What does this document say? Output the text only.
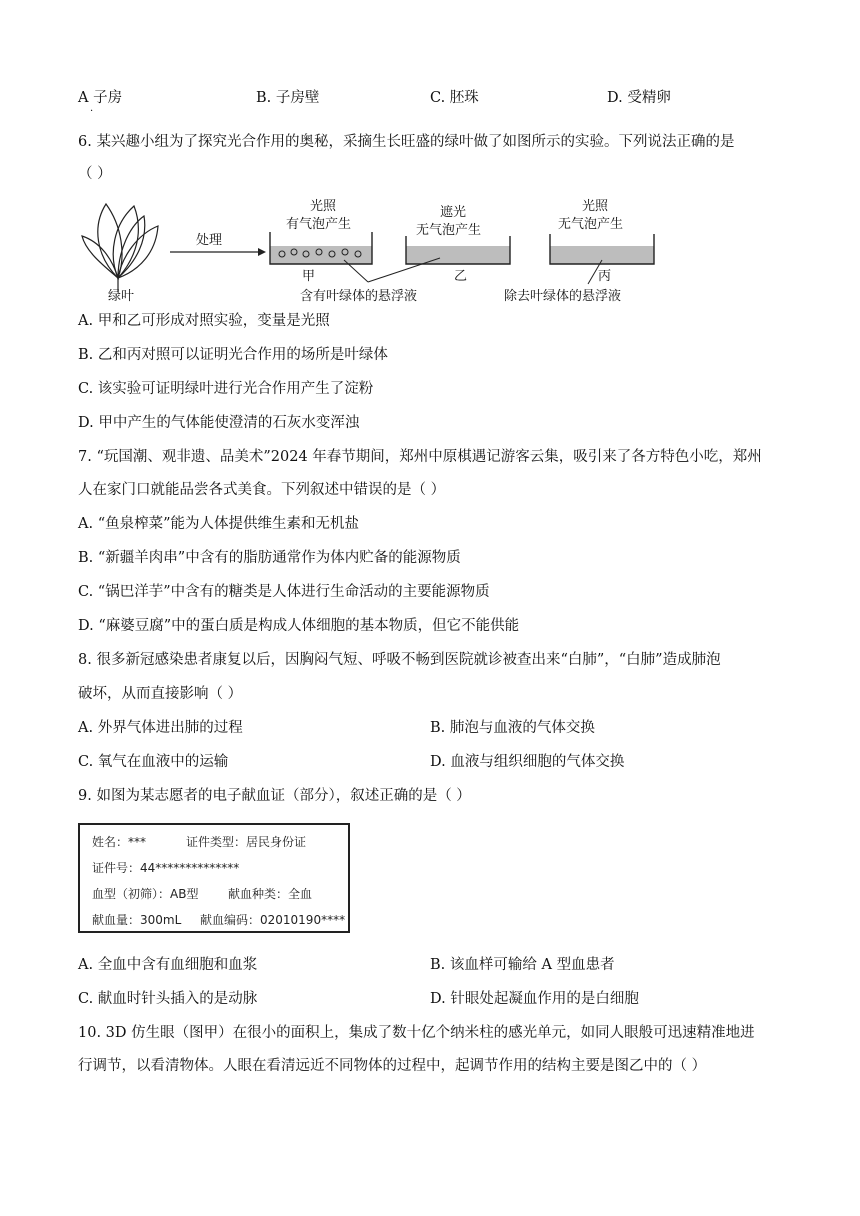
A 子房
·
B. 子房壁	C. 胚珠	D. 受精卵
6. 某兴趣小组为了探究光合作用的奥秘，采摘生长旺盛的绿叶做了如图所示的实验。下列说法正确的是
（ ）
绿叶
处理
光照
有气泡产生
甲
遮光
无气泡产生
乙
光照
无气泡产生
丙
含有叶绿体的悬浮液	除去叶绿体的悬浮液
A. 甲和乙可形成对照实验，变量是光照
B. 乙和丙对照可以证明光合作用的场所是叶绿体
C. 该实验可证明绿叶进行光合作用产生了淀粉
D. 甲中产生的气体能使澄清的石灰水变浑浊
7. “玩国潮、观非遗、品美术”2024 年春节期间，郑州中原棋遇记游客云集，吸引来了各方特色小吃，郑州
人在家门口就能品尝各式美食。下列叙述中错误的是（ ）
A. “鱼泉榨菜”能为人体提供维生素和无机盐
B. “新疆羊肉串”中含有的脂肪通常作为体内贮备的能源物质
C. “锅巴洋芋”中含有的糖类是人体进行生命活动的主要能源物质
D. “麻婆豆腐”中的蛋白质是构成人体细胞的基本物质，但它不能供能
8. 很多新冠感染患者康复以后，因胸闷气短、呼吸不畅到医院就诊被查出来“白肺”，“白肺”造成肺泡
破坏，从而直接影响（ ）
A. 外界气体进出肺的过程	B. 肺泡与血液的气体交换
C. 氧气在血液中的运输	D. 血液与组织细胞的气体交换
9. 如图为某志愿者的电子献血证（部分），叙述正确的是（ ）
姓名：***	证件类型：居民身份证
证件号：44**************
血型（初筛）：AB型 献血种类：全血
献血量：300mL 献血编码：02010190****
A. 全血中含有血细胞和血浆	B. 该血样可输给 A 型血患者
C. 献血时针头插入的是动脉	D. 针眼处起凝血作用的是白细胞
10. 3D 仿生眼（图甲）在很小的面积上，集成了数十亿个纳米柱的感光单元，如同人眼般可迅速精准地进
行调节，以看清物体。人眼在看清远近不同物体的过程中，起调节作用的结构主要是图乙中的（ ）
